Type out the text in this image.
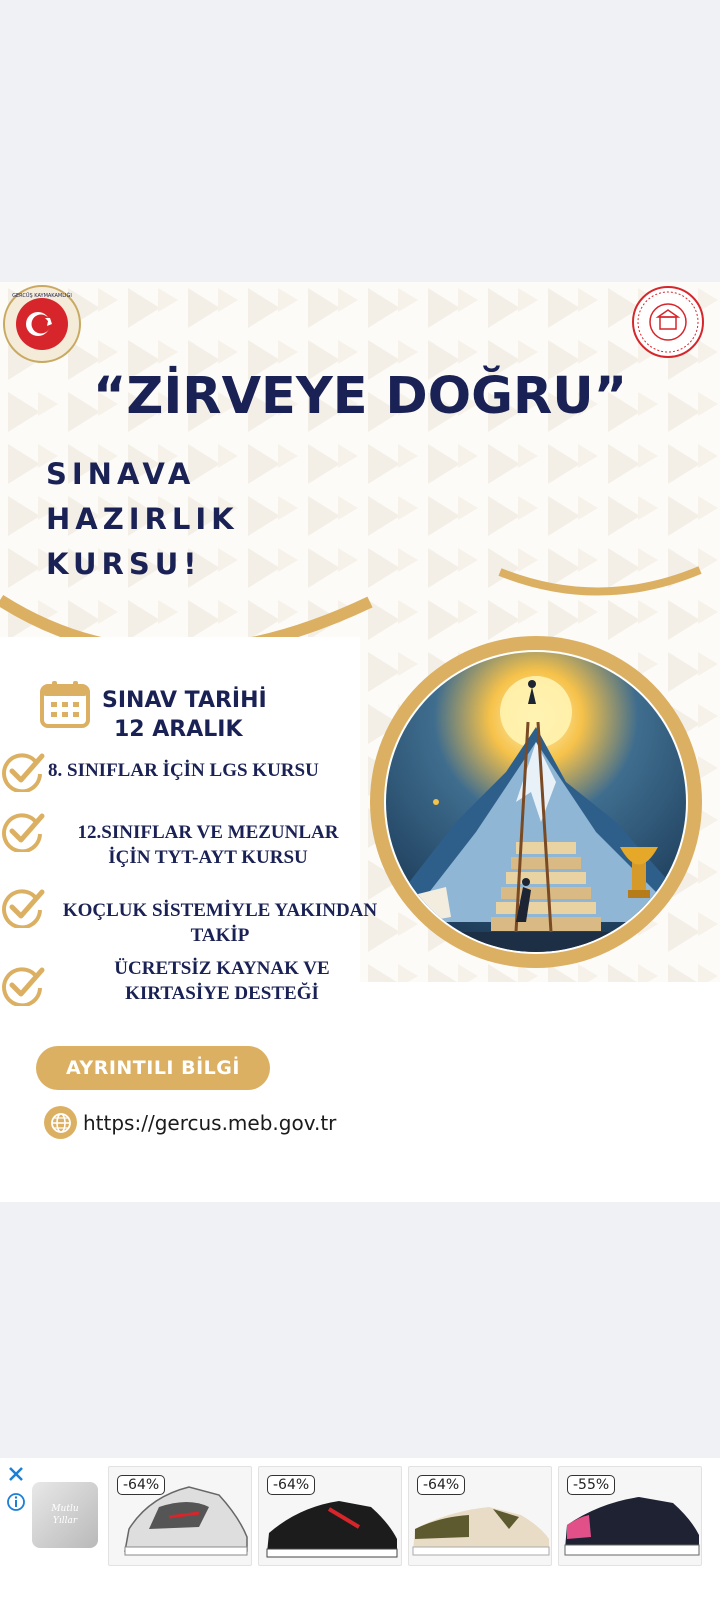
GERCÜŞ KAYMAKAMLIĞI
“ZİRVEYE DOĞRU”
SINAVA
HAZIRLIK
KURSU!
SINAV TARİHİ
12 ARALIK
8. SINIFLAR İÇİN LGS KURSU
12.SINIFLAR VE MEZUNLAR
İÇİN TYT-AYT KURSU
KOÇLUK SİSTEMİYLE YAKINDAN
TAKİP
ÜCRETSİZ KAYNAK VE
KIRTASİYE DESTEĞİ
AYRINTILI BİLGİ
https://gercus.meb.gov.tr
Mutlu
Yıllar
-64%	-64%	-64%	-55%
